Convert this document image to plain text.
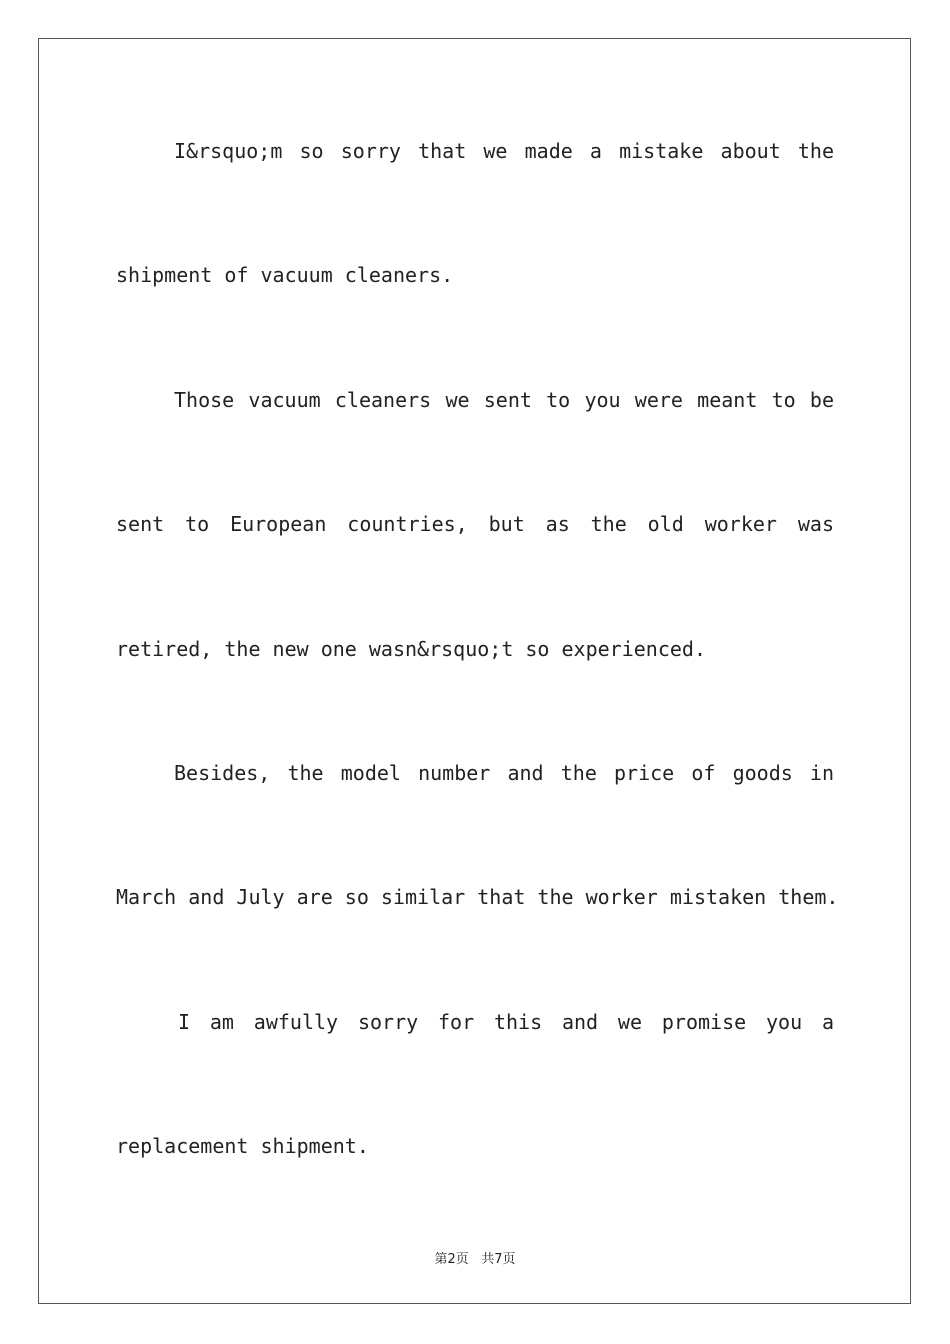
I&rsquo;m so sorry that we made a mistake about the
shipment of vacuum cleaners.
Those vacuum cleaners we sent to you were meant to be
sent to European countries, but as the old worker was
retired, the new one wasn&rsquo;t so experienced.
Besides, the model number and the price of goods in
March and July are so similar that the worker mistaken them.
I am awfully sorry for this and we promise you a
replacement shipment.
第2页 共7页
